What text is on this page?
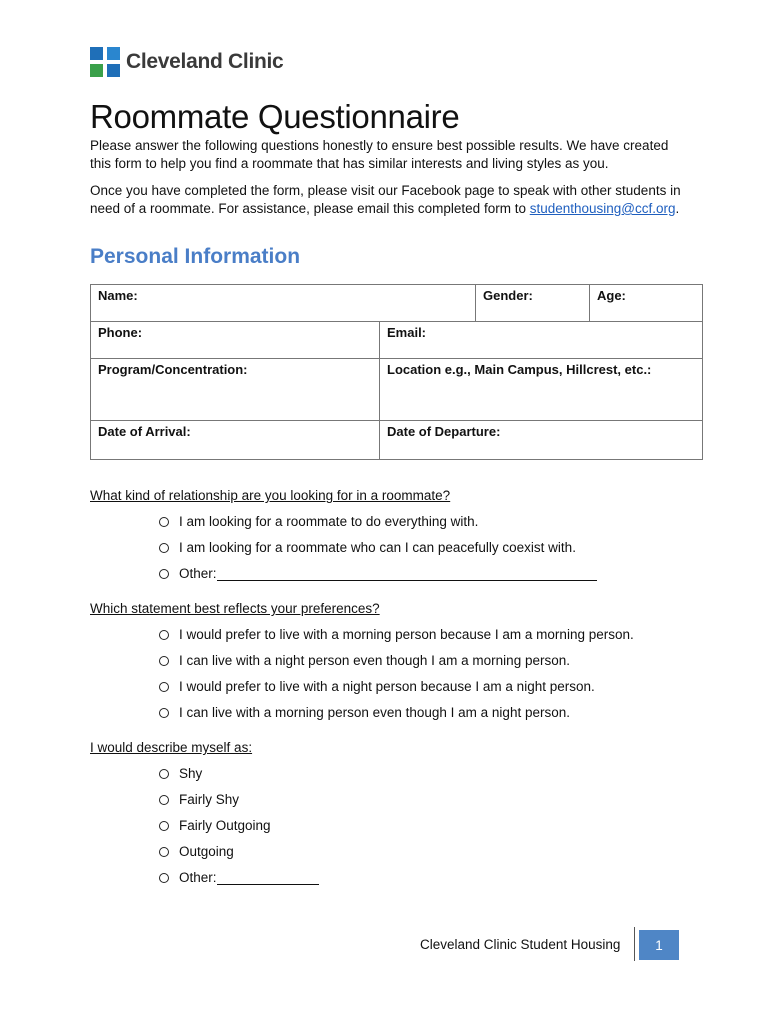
Cleveland Clinic
Roommate Questionnaire

Please answer the following questions honestly to ensure best possible results. We have created this form to help you find a roommate that has similar interests and living styles as you.

Once you have completed the form, please visit our Facebook page to speak with other students in need of a roommate. For assistance, please email this completed form to studenthousing@ccf.org.

Personal Information
Name:	Gender:	Age:
Phone:	Email:
Program/Concentration:	Location e.g., Main Campus, Hillcrest, etc.:
Date of Arrival:	Date of Departure:

What kind of relationship are you looking for in a roommate?

I am looking for a roommate to do everything with.
I am looking for a roommate who can I can peacefully coexist with.
Other:

Which statement best reflects your preferences?

I would prefer to live with a morning person because I am a morning person.
I can live with a night person even though I am a morning person.
I would prefer to live with a night person because I am a night person.
I can live with a morning person even though I am a night person.

I would describe myself as:

Shy
Fairly Shy
Fairly Outgoing
Outgoing
Other:
Cleveland Clinic Student Housing	1
